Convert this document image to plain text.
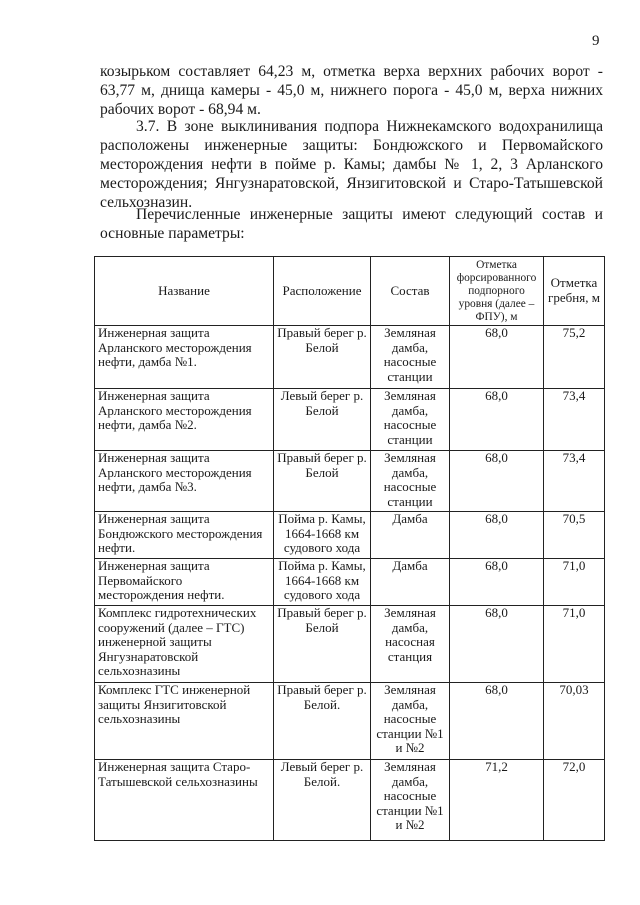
9

козырьком составляет 64,23 м, отметка верха верхних рабочих ворот -
63,77 м, днища камеры - 45,0 м, нижнего порога - 45,0 м, верха нижних
рабочих ворот - 68,94 м.

3.7. В зоне выклинивания подпора Нижнекамского водохранилища
расположены инженерные защиты: Бондюжского и Первомайского
месторождения нефти в пойме р. Камы; дамбы № 1, 2, 3 Арланского
месторождения; Янгузнаратовской, Янзигитовской и Старо-Татышевской
сельхозназин.

Перечисленные инженерные защиты имеют следующий состав и
основные параметры:

Название	Расположение	Состав	Отметка форсированного подпорного уровня (далее – ФПУ), м	Отметка гребня, м
Инженерная защита Арланского месторождения нефти, дамба №1.	Правый берег р. Белой	Земляная дамба, насосные станции	68,0	75,2
Инженерная защита Арланского месторождения нефти, дамба №2.	Левый берег р. Белой	Земляная дамба, насосные станции	68,0	73,4
Инженерная защита Арланского месторождения нефти, дамба №3.	Правый берег р. Белой	Земляная дамба, насосные станции	68,0	73,4
Инженерная защита Бондюжского месторождения нефти.	Пойма р. Камы, 1664-1668 км судового хода	Дамба	68,0	70,5
Инженерная защита Первомайского месторождения нефти.	Пойма р. Камы, 1664-1668 км судового хода	Дамба	68,0	71,0
Комплекс гидротехнических сооружений (далее – ГТС) инженерной защиты Янгузнаратовской сельхозназины	Правый берег р. Белой	Земляная дамба, насосная станция	68,0	71,0
Комплекс ГТС инженерной защиты Янзигитовской сельхозназины	Правый берег р. Белой.	Земляная дамба, насосные станции №1 и №2	68,0	70,03
Инженерная защита Старо-Татышевской сельхозназины	Левый берег р. Белой.	Земляная дамба, насосные станции №1 и №2	71,2	72,0
